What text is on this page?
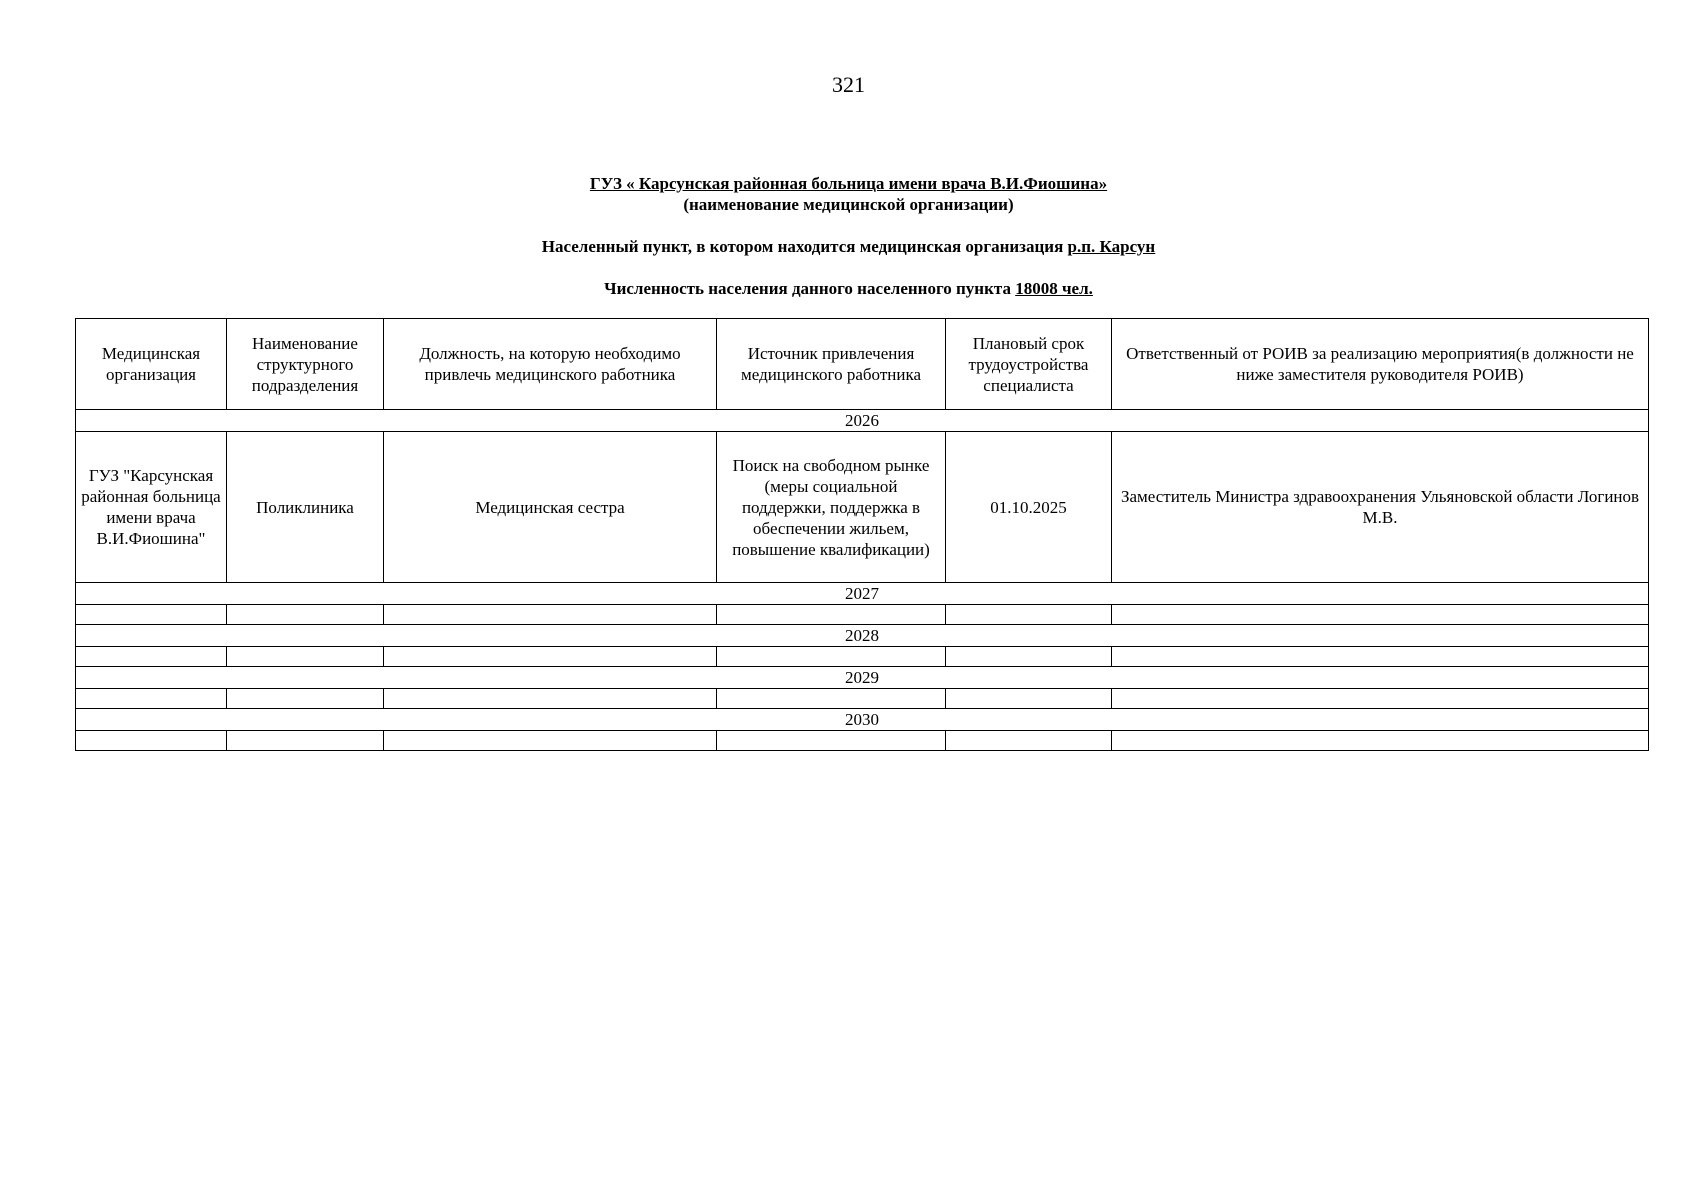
321
ГУЗ « Карсунская районная больница имени врача В.И.Фиошина»
(наименование медицинской организации)
Населенный пункт, в котором находится медицинская организация р.п. Карсун
Численность населения данного населенного пункта 18008 чел.
Медицинская организация	Наименование структурного подразделения	Должность, на которую необходимо привлечь медицинского работника	Источник привлечения медицинского работника	Плановый срок трудоустройства специалиста	Ответственный от РОИВ за реализацию мероприятия(в должности не ниже заместителя руководителя РОИВ)
2026					
ГУЗ "Карсунская районная больница имени врача В.И.Фиошина"	Поликлиника	Медицинская сестра	Поиск на свободном рынке (меры социальной поддержки, поддержка в обеспечении жильем, повышение квалификации)	01.10.2025	Заместитель Министра здравоохранения Ульяновской области Логинов М.В.
2027					

2028					

2029					

2030					
